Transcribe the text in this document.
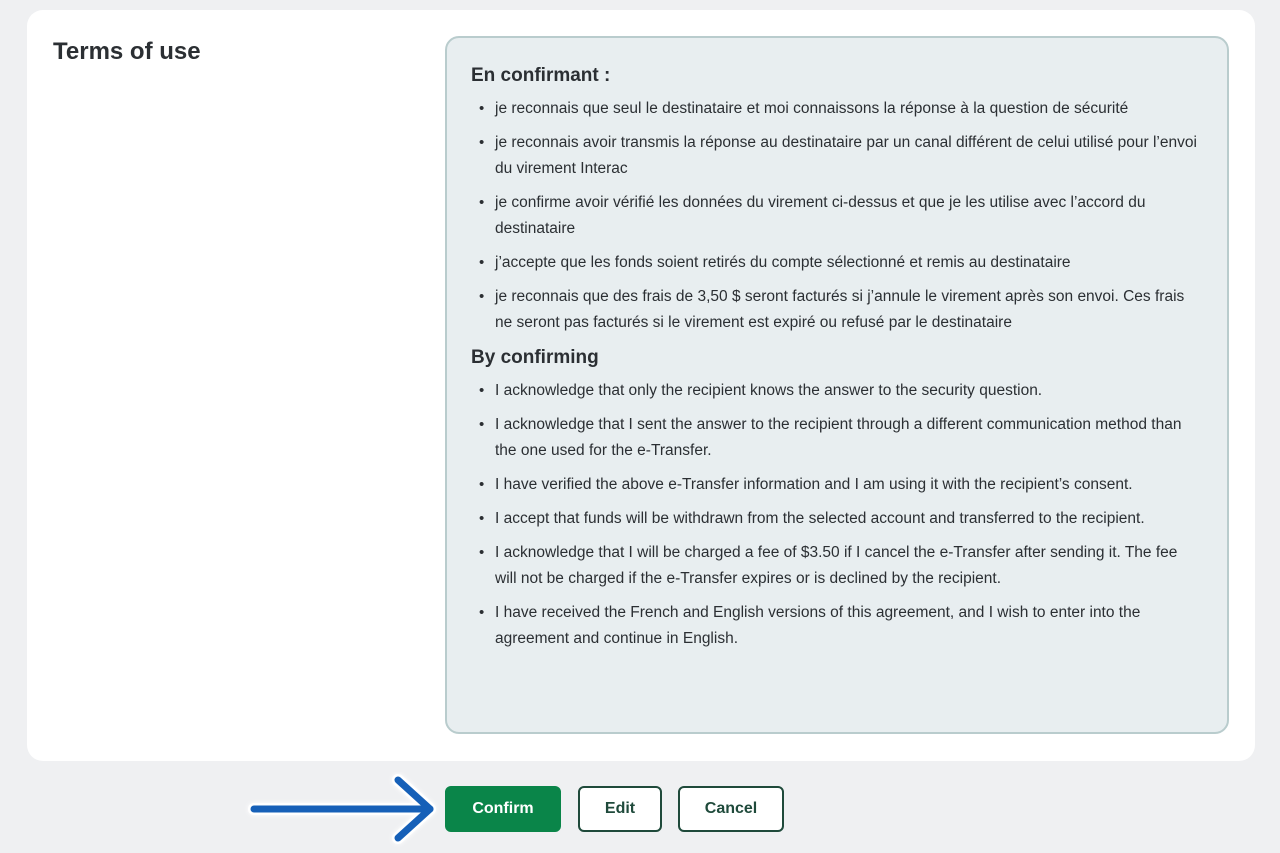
Terms of use
En confirmant :
• je reconnais que seul le destinataire et moi connaissons la réponse à la question de sécurité
• je reconnais avoir transmis la réponse au destinataire par un canal différent de celui utilisé pour l’envoi du virement Interac
• je confirme avoir vérifié les données du virement ci-dessus et que je les utilise avec l’accord du destinataire
• j’accepte que les fonds soient retirés du compte sélectionné et remis au destinataire
• je reconnais que des frais de 3,50 $ seront facturés si j’annule le virement après son envoi. Ces frais ne seront pas facturés si le virement est expiré ou refusé par le destinataire
By confirming
• I acknowledge that only the recipient knows the answer to the security question.
• I acknowledge that I sent the answer to the recipient through a different communication method than the one used for the e-Transfer.
• I have verified the above e-Transfer information and I am using it with the recipient’s consent.
• I accept that funds will be withdrawn from the selected account and transferred to the recipient.
• I acknowledge that I will be charged a fee of $3.50 if I cancel the e-Transfer after sending it. The fee will not be charged if the e-Transfer expires or is declined by the recipient.
• I have received the French and English versions of this agreement, and I wish to enter into the agreement and continue in English.
Confirm	Edit	Cancel
